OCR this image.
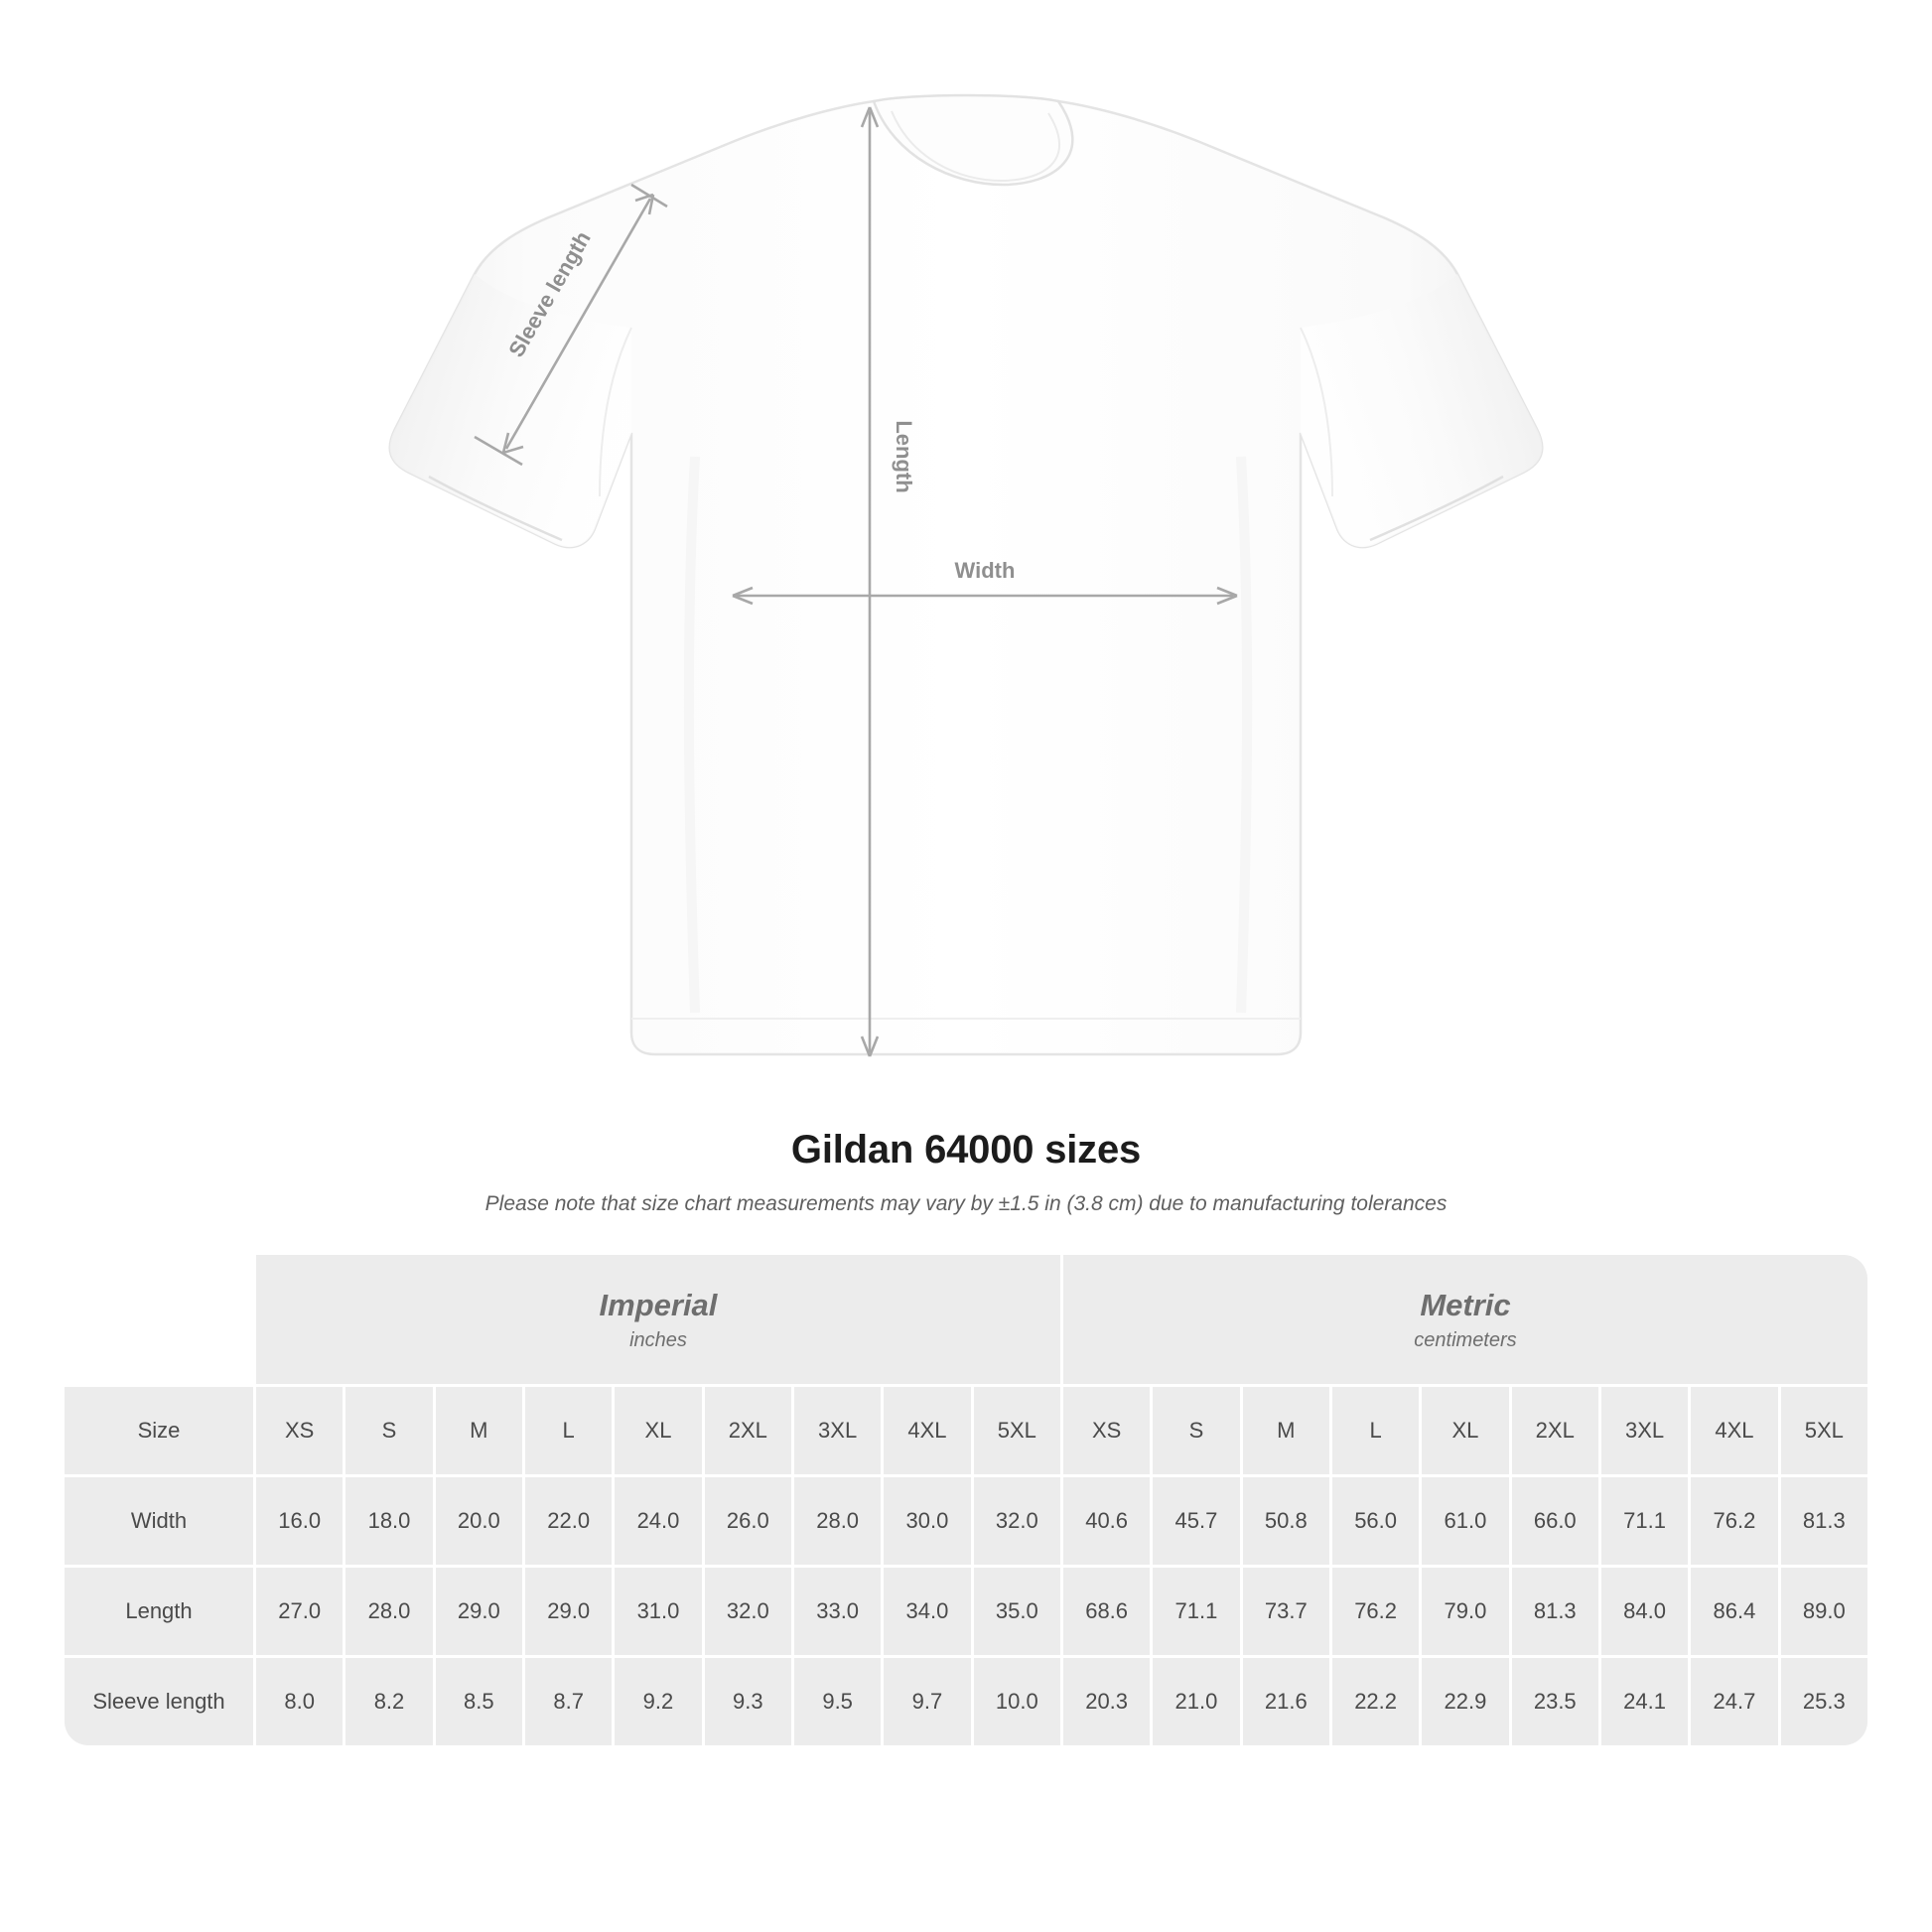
Length
Width
Sleeve length
Gildan 64000 sizes
Please note that size chart measurements may vary by ±1.5 in (3.8 cm) due to manufacturing tolerances

Imperial
inches

Metric
centimeters

Size	XS	S	M	L	XL	2XL	3XL	4XL	5XL	XS	S	M	L	XL	2XL	3XL	4XL	5XL
Width	16.0	18.0	20.0	22.0	24.0	26.0	28.0	30.0	32.0	40.6	45.7	50.8	56.0	61.0	66.0	71.1	76.2	81.3
Length	27.0	28.0	29.0	29.0	31.0	32.0	33.0	34.0	35.0	68.6	71.1	73.7	76.2	79.0	81.3	84.0	86.4	89.0
Sleeve length	8.0	8.2	8.5	8.7	9.2	9.3	9.5	9.7	10.0	20.3	21.0	21.6	22.2	22.9	23.5	24.1	24.7	25.3
